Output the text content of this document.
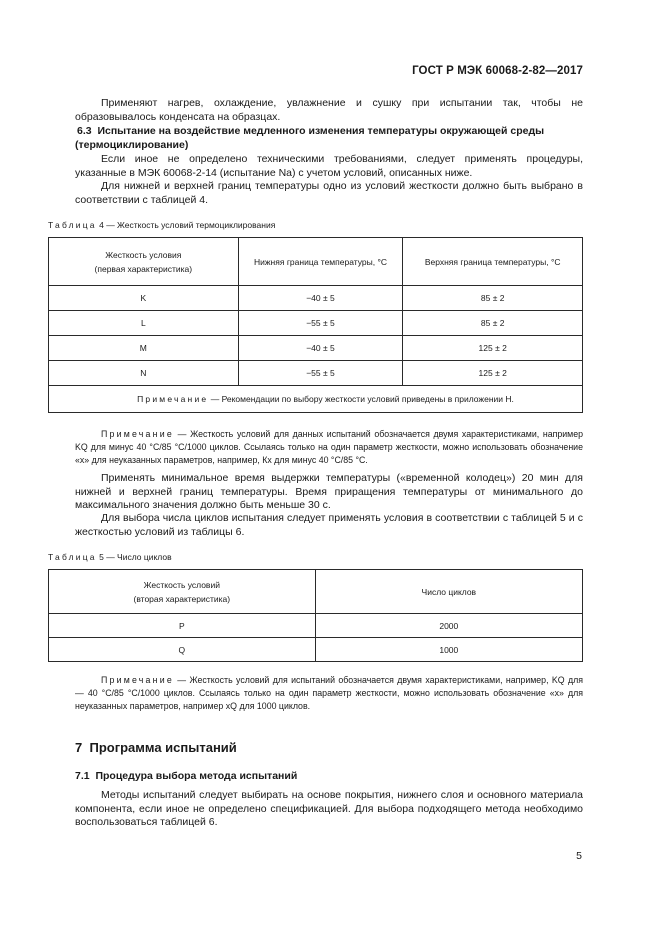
ГОСТ Р МЭК 60068-2-82—2017
Применяют нагрев, охлаждение, увлажнение и сушку при испытании так, чтобы не образовывалось конденсата на образцах.
6.3 Испытание на воздействие медленного изменения температуры окружающей среды (термоциклирование)
Если иное не определено техническими требованиями, следует применять процедуры, указанные в МЭК 60068-2-14 (испытание Na) с учетом условий, описанных ниже.
Для нижней и верхней границ температуры одно из условий жесткости должно быть выбрано в соответствии с таблицей 4.
Таблица 4 — Жесткость условий термоциклирования
Жесткость условия
(первая характеристика)	Нижняя граница температуры, °С	Верхняя граница температуры, °С
K	−40 ± 5	85 ± 2
L	−55 ± 5	85 ± 2
M	−40 ± 5	125 ± 2
N	−55 ± 5	125 ± 2
Примечание — Рекомендации по выбору жесткости условий приведены в приложении Н.		
Примечание — Жесткость условий для данных испытаний обозначается двумя характеристиками, например KQ для минус 40 °С/85 °С/1000 циклов. Ссылаясь только на один параметр жесткости, можно использовать обозначение «х» для неуказанных параметров, например, Кх для минус 40 °С/85 °С.
Применять минимальное время выдержки температуры («временной колодец») 20 мин для нижней и верхней границ температуры. Время приращения температуры от минимального до максимального значения должно быть меньше 30 с.
Для выбора числа циклов испытания следует применять условия в соответствии с таблицей 5 и с жесткостью условий из таблицы 6.
Таблица 5 — Число циклов
Жесткость условий
(вторая характеристика)	Число циклов
P	2000
Q	1000
Примечание — Жесткость условий для испытаний обозначается двумя характеристиками, например, KQ для — 40 °С/85 °С/1000 циклов. Ссылаясь только на один параметр жесткости, можно использовать обозначение «х» для неуказанных параметров, например xQ для 1000 циклов.
7 Программа испытаний
7.1 Процедура выбора метода испытаний
Методы испытаний следует выбирать на основе покрытия, нижнего слоя и основного материала компонента, если иное не определено спецификацией. Для выбора подходящего метода необходимо воспользоваться таблицей 6.
5
